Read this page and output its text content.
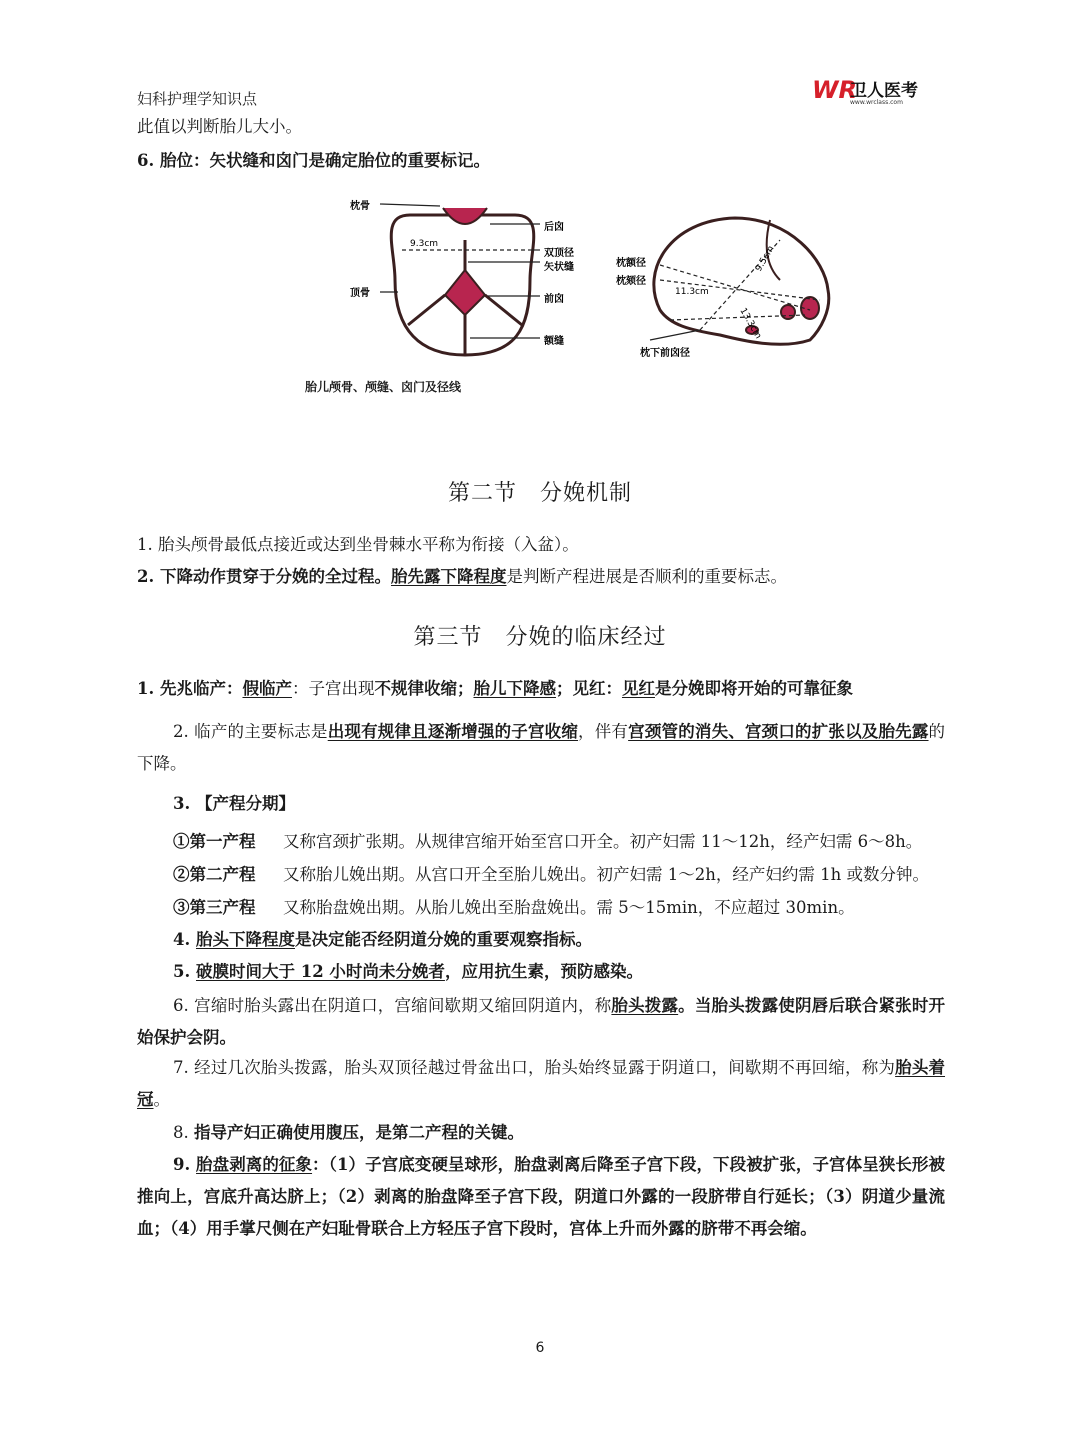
妇科护理学知识点	WR
卫人医考
www.wrclass.com
此值以判断胎儿大小。
6. 胎位：矢状缝和囟门是确定胎位的重要标记。
枕骨
后囟
双顶径
矢状缝
顶骨
前囟
额缝
9.3cm
枕额径
枕颏径
枕下前囟径
11.3cm
9.5cm
13.3cm
胎儿颅骨、颅缝、囟门及径线
第二节　分娩机制
1. 胎头颅骨最低点接近或达到坐骨棘水平称为衔接（入盆）。
2. 下降动作贯穿于分娩的全过程。胎先露下降程度是判断产程进展是否顺利的重要标志。
第三节　分娩的临床经过
1. 先兆临产：假临产：子宫出现不规律收缩；胎儿下降感；见红：见红是分娩即将开始的可靠征象
2. 临产的主要标志是出现有规律且逐渐增强的子宫收缩，伴有宫颈管的消失、宫颈口的扩张以及胎先露的下降。
3. 【产程分期】
①第一产程 又称宫颈扩张期。从规律宫缩开始至宫口开全。初产妇需 11～12h，经产妇需 6～8h。
②第二产程 又称胎儿娩出期。从宫口开全至胎儿娩出。初产妇需 1～2h，经产妇约需 1h 或数分钟。
③第三产程 又称胎盘娩出期。从胎儿娩出至胎盘娩出。需 5～15min，不应超过 30min。
4. 胎头下降程度是决定能否经阴道分娩的重要观察指标。
5. 破膜时间大于 12 小时尚未分娩者，应用抗生素，预防感染。
6. 宫缩时胎头露出在阴道口，宫缩间歇期又缩回阴道内，称胎头拨露。当胎头拨露使阴唇后联合紧张时开始保护会阴。
7. 经过几次胎头拨露，胎头双顶径越过骨盆出口，胎头始终显露于阴道口，间歇期不再回缩，称为胎头着冠。
8. 指导产妇正确使用腹压，是第二产程的关键。
9. 胎盘剥离的征象：（1）子宫底变硬呈球形，胎盘剥离后降至子宫下段，下段被扩张，子宫体呈狭长形被推向上，宫底升高达脐上；（2）剥离的胎盘降至子宫下段，阴道口外露的一段脐带自行延长；（3）阴道少量流血；（4）用手掌尺侧在产妇耻骨联合上方轻压子宫下段时，宫体上升而外露的脐带不再会缩。
6
